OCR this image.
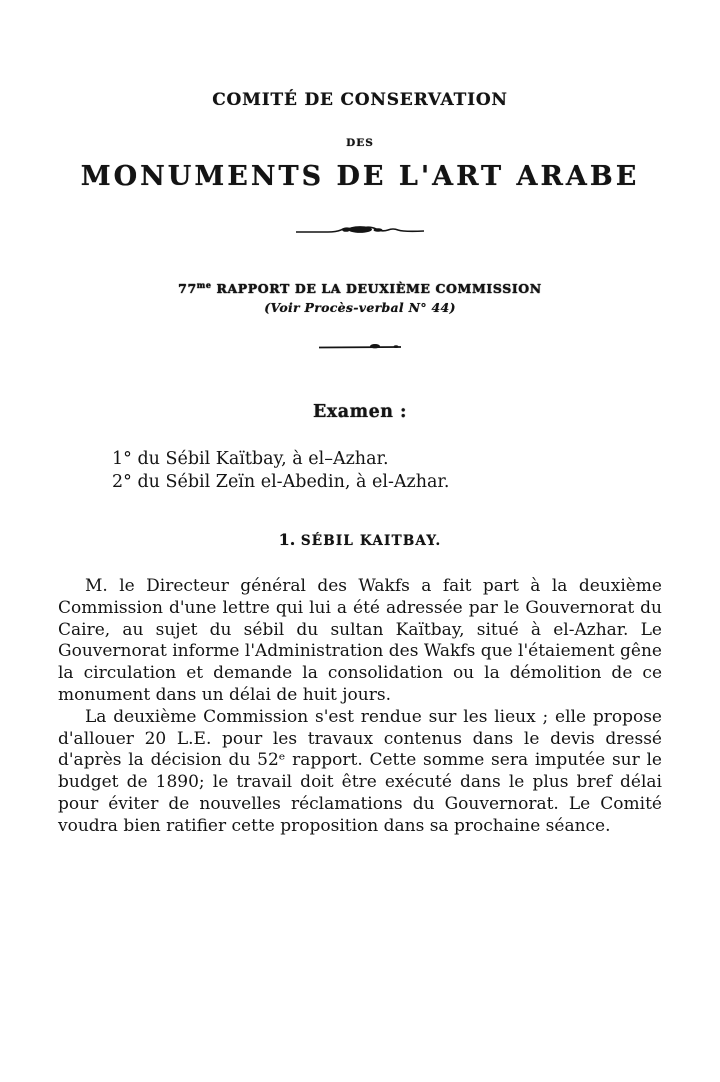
COMITÉ DE CONSERVATION
DES
MONUMENTS DE L'ART ARABE
$77^{me}$ RAPPORT DE LA DEUXIÈME COMMISSION
(Voir Procès-verbal N° 44)
Examen :
1° du Sébil Kaïtbay, à el–Azhar.
2° du Sébil Zeïn el-Abedin, à el-Azhar.
1. SÉBIL KAITBAY.

M. le Directeur général des Wakfs a fait part à la deuxième Commission d'une lettre qui lui a été adressée par le Gouvernorat du Caire, au sujet du sébil du sultan Kaïtbay, situé à el-Azhar. Le Gouvernorat informe l'Administration des Wakfs que l'étaiement gêne la circulation et demande la consolidation ou la démolition de ce monument dans un délai de huit jours.

La deuxième Commission s'est rendue sur les lieux ; elle propose d'allouer 20 L.E. pour les travaux contenus dans le devis dressé d'après la décision du 52ᵉ rapport. Cette somme sera imputée sur le budget de 1890; le travail doit être exécuté dans le plus bref délai pour éviter de nouvelles réclamations du Gouvernorat. Le Comité voudra bien ratifier cette proposition dans sa prochaine séance.
